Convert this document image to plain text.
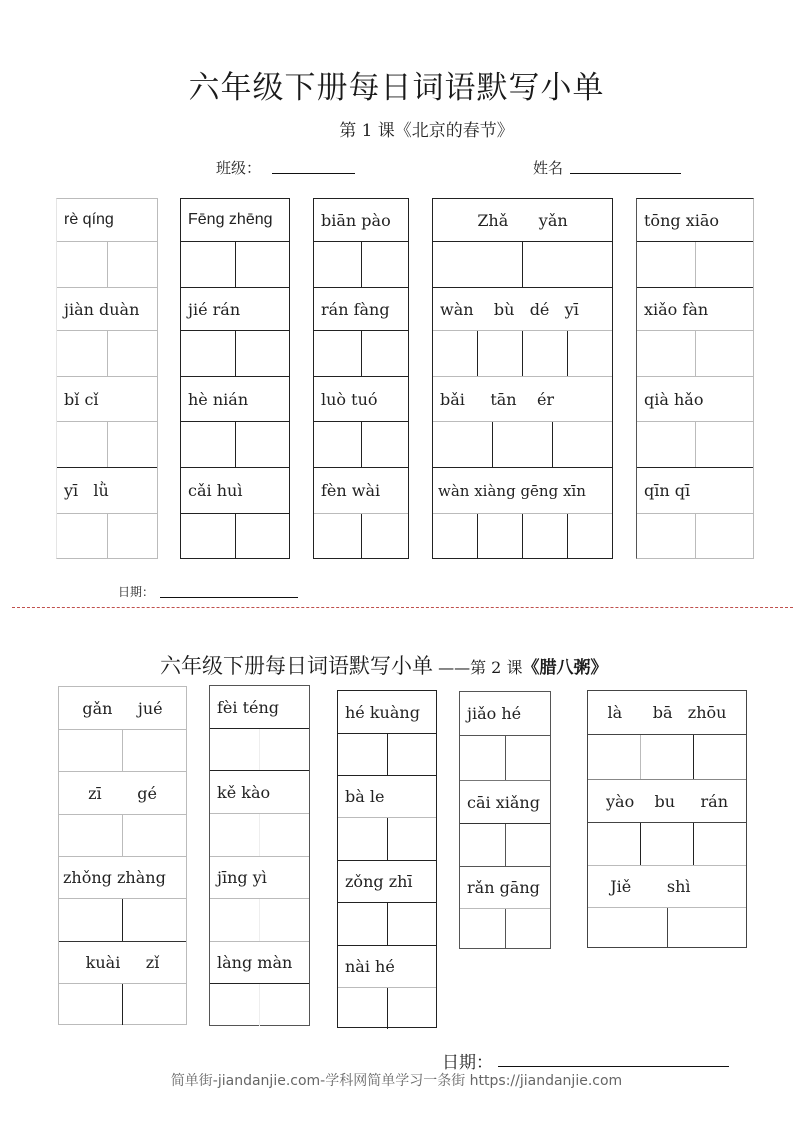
六年级下册每日词语默写小单
第 1 课《北京的春节》
班级：	姓名
rè qíng
jiàn duàn
bǐ cǐ
yī   lǜ
Fēng zhēng
jié rán
hè nián
cǎi huì
biān pào
rán fàng
luò tuó
fèn wài
Zhǎ      yǎn
wàn    bù   dé   yī
bǎi     tān    ér
wàn xiàng gēng xīn
tōng xiāo
xiǎo fàn
qià hǎo
qīn qī
日期：
六年级下册每日词语默写小单 ——第 2 课《腊八粥》
gǎn     jué
zī       gé
zhǒng zhàng
kuài     zǐ
fèi téng
kě kào
jīng yì
làng màn
hé kuàng
bà le
zǒng zhī
nài hé
jiǎo hé
cāi xiǎng
rǎn gāng
là      bā   zhōu
yào    bu     rán
Jiě       shì
日期：
简单街-jiandanjie.com-学科网简单学习一条街 https://jiandanjie.com
